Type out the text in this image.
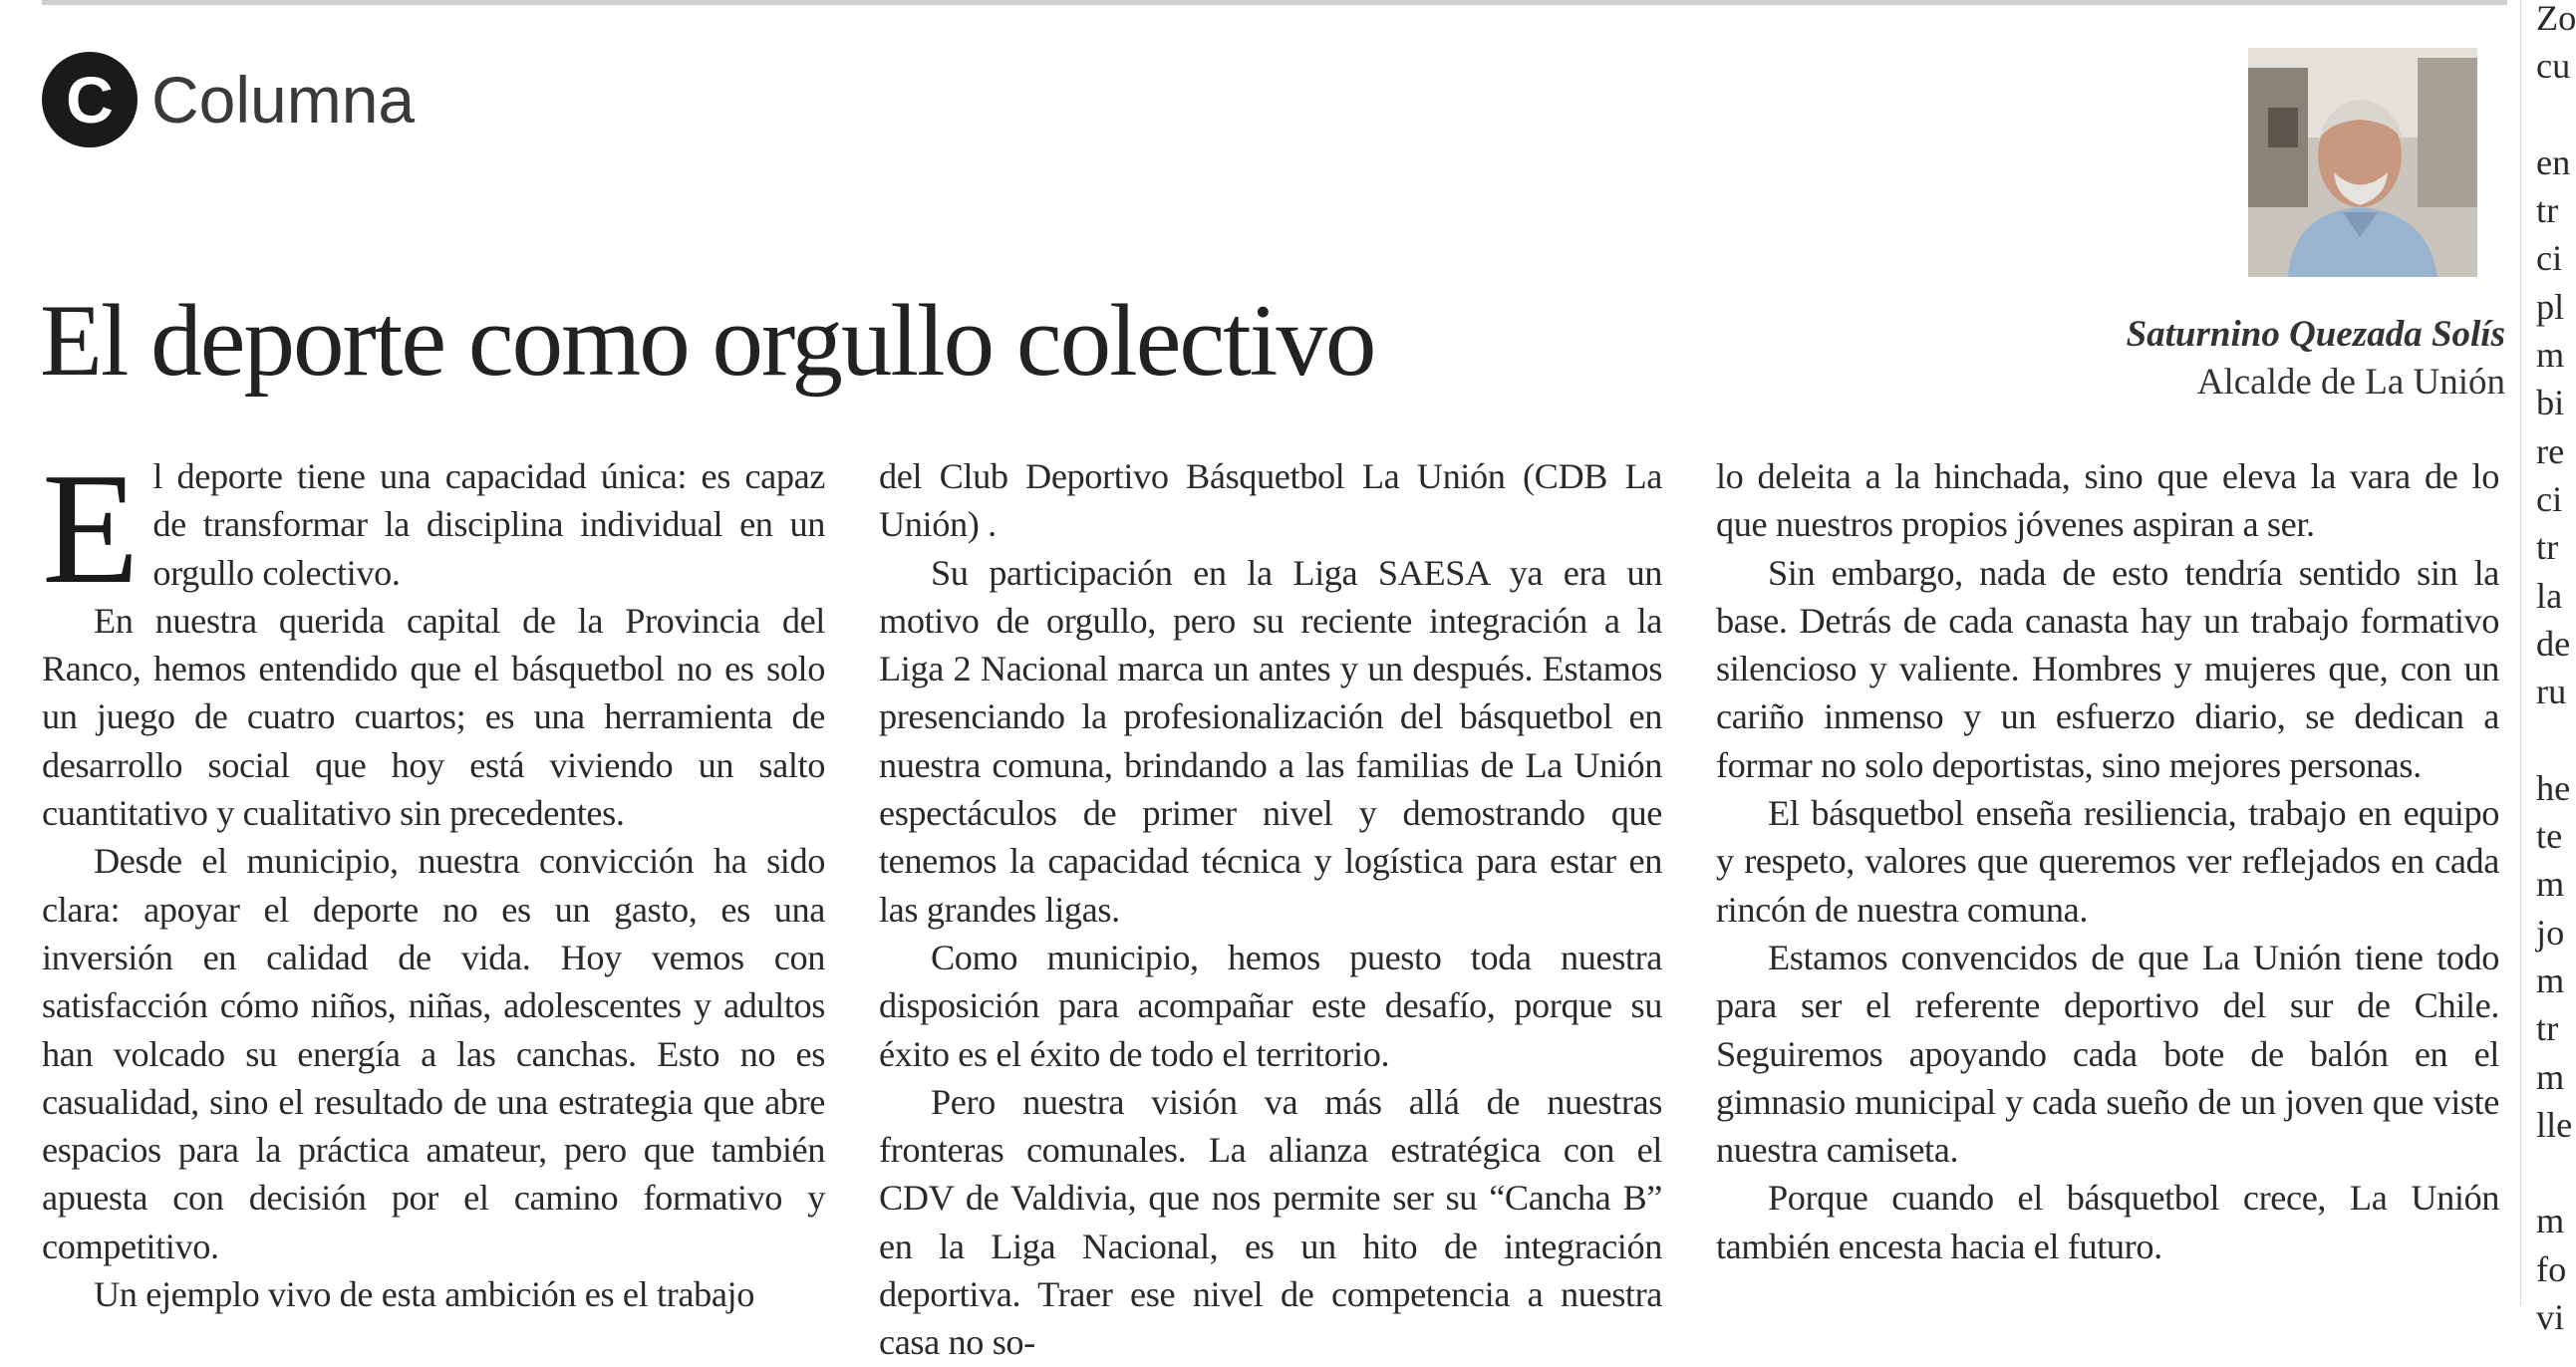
C Columna
El deporte como orgullo colectivo	Saturnino Quezada Solís
Alcalde de La Unión

El deporte tiene una capacidad única: es capaz de transformar la disciplina individual en un orgullo colectivo.

En nuestra querida capital de la Provincia del Ranco, hemos entendido que el básquetbol no es solo un juego de cuatro cuartos; es una herramienta de desarrollo social que hoy está viviendo un salto cuantitativo y cualitativo sin precedentes.

Desde el municipio, nuestra convicción ha sido clara: apoyar el deporte no es un gasto, es una inversión en calidad de vida. Hoy vemos con satisfacción cómo niños, niñas, adolescentes y adultos han volcado su energía a las canchas. Esto no es casualidad, sino el resultado de una estrategia que abre espacios para la práctica amateur, pero que también apuesta con decisión por el camino formativo y competitivo.

Un ejemplo vivo de esta ambición es el trabajo

del Club Deportivo Básquetbol La Unión (CDB La Unión) .

Su participación en la Liga SAESA ya era un motivo de orgullo, pero su reciente integración a la Liga 2 Nacional marca un antes y un después. Estamos presenciando la profesionalización del básquetbol en nuestra comuna, brindando a las familias de La Unión espectáculos de primer nivel y demostrando que tenemos la capacidad técnica y logística para estar en las grandes ligas.

Como municipio, hemos puesto toda nuestra disposición para acompañar este desafío, porque su éxito es el éxito de todo el territorio.

Pero nuestra visión va más allá de nuestras fronteras comunales. La alianza estratégica con el CDV de Valdivia, que nos permite ser su “Cancha B” en la Liga Nacional, es un hito de integración deportiva. Traer ese nivel de competencia a nuestra casa no so-

lo deleita a la hinchada, sino que eleva la vara de lo que nuestros propios jóvenes aspiran a ser.

Sin embargo, nada de esto tendría sentido sin la base. Detrás de cada canasta hay un trabajo formativo silencioso y valiente. Hombres y mujeres que, con un cariño inmenso y un esfuerzo diario, se dedican a formar no solo deportistas, sino mejores personas.

El básquetbol enseña resiliencia, trabajo en equipo y respeto, valores que queremos ver reflejados en cada rincón de nuestra comuna.

Estamos convencidos de que La Unión tiene todo para ser el referente deportivo del sur de Chile. Seguiremos apoyando cada bote de balón en el gimnasio municipal y cada sueño de un joven que viste nuestra camiseta.

Porque cuando el básquetbol crece, La Unión también encesta hacia el futuro.

Zo
cu
en
tr
ci
pl
m
bi
re
ci
tr
la
de
ru
he
te
m
jo
m
tr
m
lle
m
fo
vi
